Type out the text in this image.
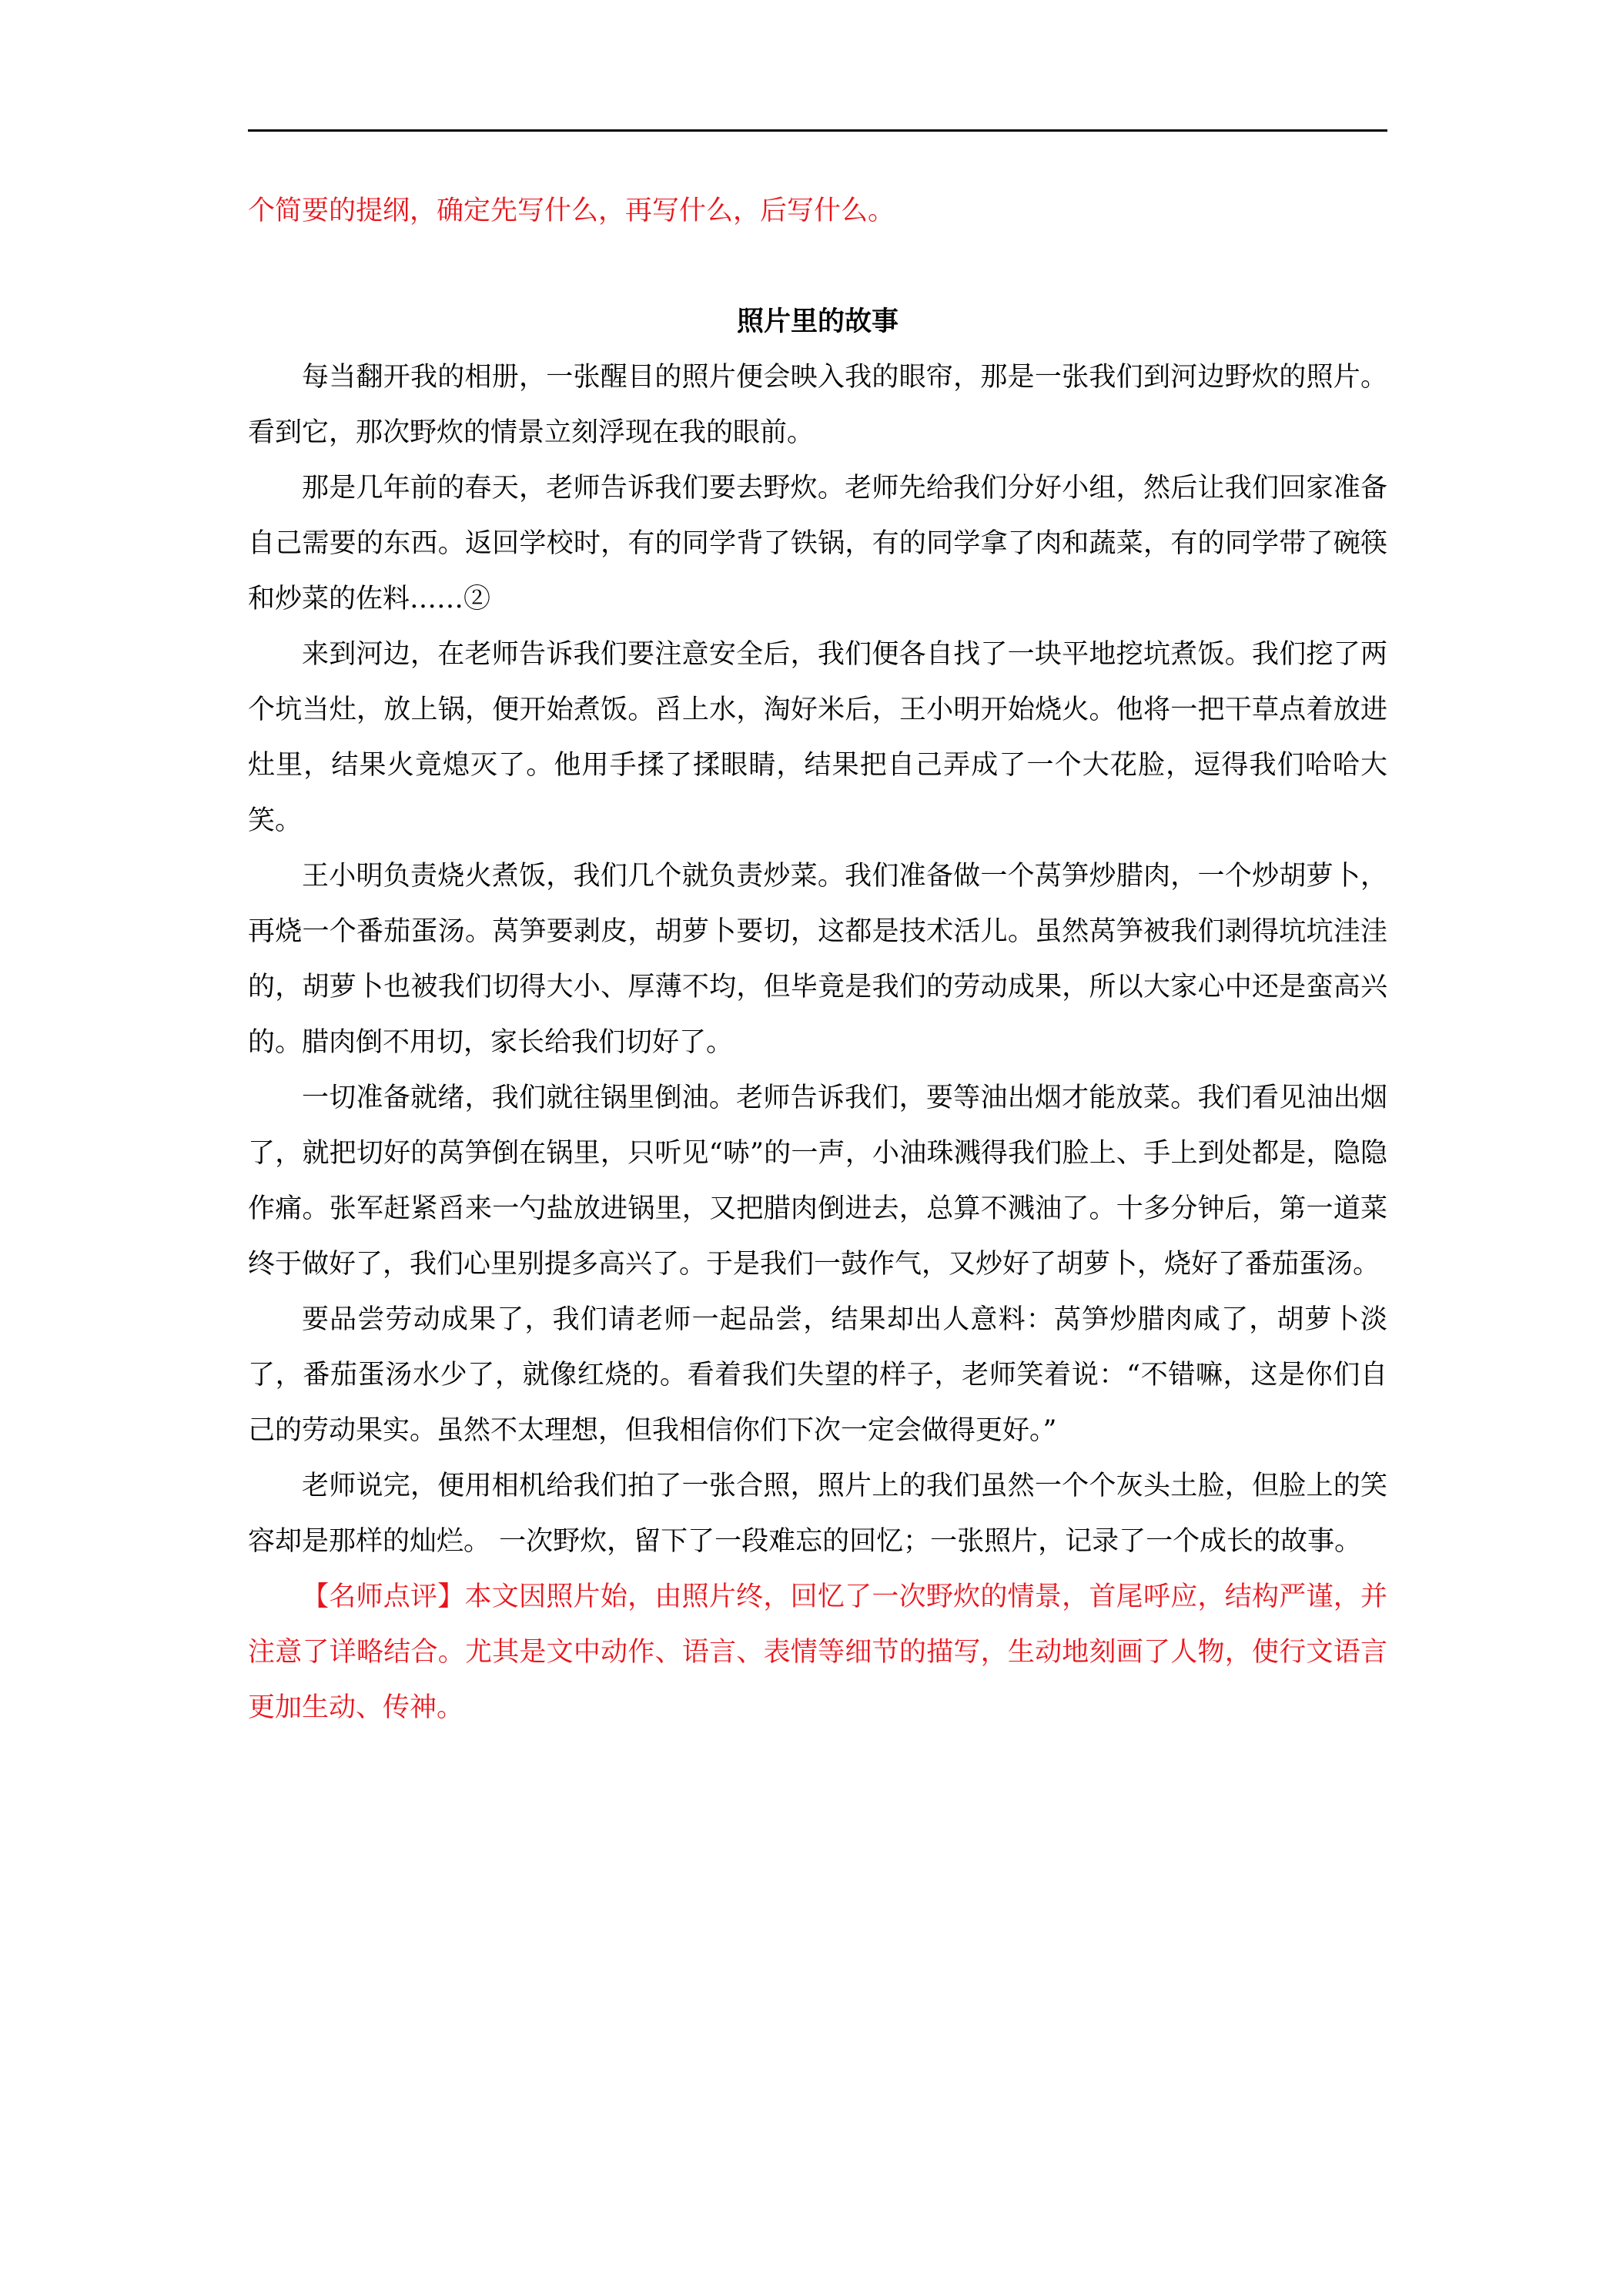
个简要的提纲，确定先写什么，再写什么，后写什么。

照片里的故事

每当翻开我的相册，一张醒目的照片便会映入我的眼帘，那是一张我们到河边野炊的照片。看到它，那次野炊的情景立刻浮现在我的眼前。

那是几年前的春天，老师告诉我们要去野炊。老师先给我们分好小组，然后让我们回家准备自己需要的东西。返回学校时，有的同学背了铁锅，有的同学拿了肉和蔬菜，有的同学带了碗筷和炒菜的佐料……②

来到河边，在老师告诉我们要注意安全后，我们便各自找了一块平地挖坑煮饭。我们挖了两个坑当灶，放上锅，便开始煮饭。舀上水，淘好米后，王小明开始烧火。他将一把干草点着放进灶里，结果火竟熄灭了。他用手揉了揉眼睛，结果把自己弄成了一个大花脸，逗得我们哈哈大笑。

王小明负责烧火煮饭，我们几个就负责炒菜。我们准备做一个莴笋炒腊肉，一个炒胡萝卜，再烧一个番茄蛋汤。莴笋要剥皮，胡萝卜要切，这都是技术活儿。虽然莴笋被我们剥得坑坑洼洼的，胡萝卜也被我们切得大小、厚薄不均，但毕竟是我们的劳动成果，所以大家心中还是蛮高兴的。腊肉倒不用切，家长给我们切好了。

一切准备就绪，我们就往锅里倒油。老师告诉我们，要等油出烟才能放菜。我们看见油出烟了，就把切好的莴笋倒在锅里，只听见“哧”的一声，小油珠溅得我们脸上、手上到处都是，隐隐作痛。张军赶紧舀来一勺盐放进锅里，又把腊肉倒进去，总算不溅油了。十多分钟后，第一道菜终于做好了，我们心里别提多高兴了。于是我们一鼓作气，又炒好了胡萝卜，烧好了番茄蛋汤。

要品尝劳动成果了，我们请老师一起品尝，结果却出人意料：莴笋炒腊肉咸了，胡萝卜淡了，番茄蛋汤水少了，就像红烧的。看着我们失望的样子，老师笑着说：“不错嘛，这是你们自己的劳动果实。虽然不太理想，但我相信你们下次一定会做得更好。”

老师说完，便用相机给我们拍了一张合照，照片上的我们虽然一个个灰头土脸，但脸上的笑容却是那样的灿烂。 一次野炊，留下了一段难忘的回忆；一张照片，记录了一个成长的故事。

【名师点评】本文因照片始，由照片终，回忆了一次野炊的情景，首尾呼应，结构严谨，并注意了详略结合。尤其是文中动作、语言、表情等细节的描写，生动地刻画了人物，使行文语言更加生动、传神。
